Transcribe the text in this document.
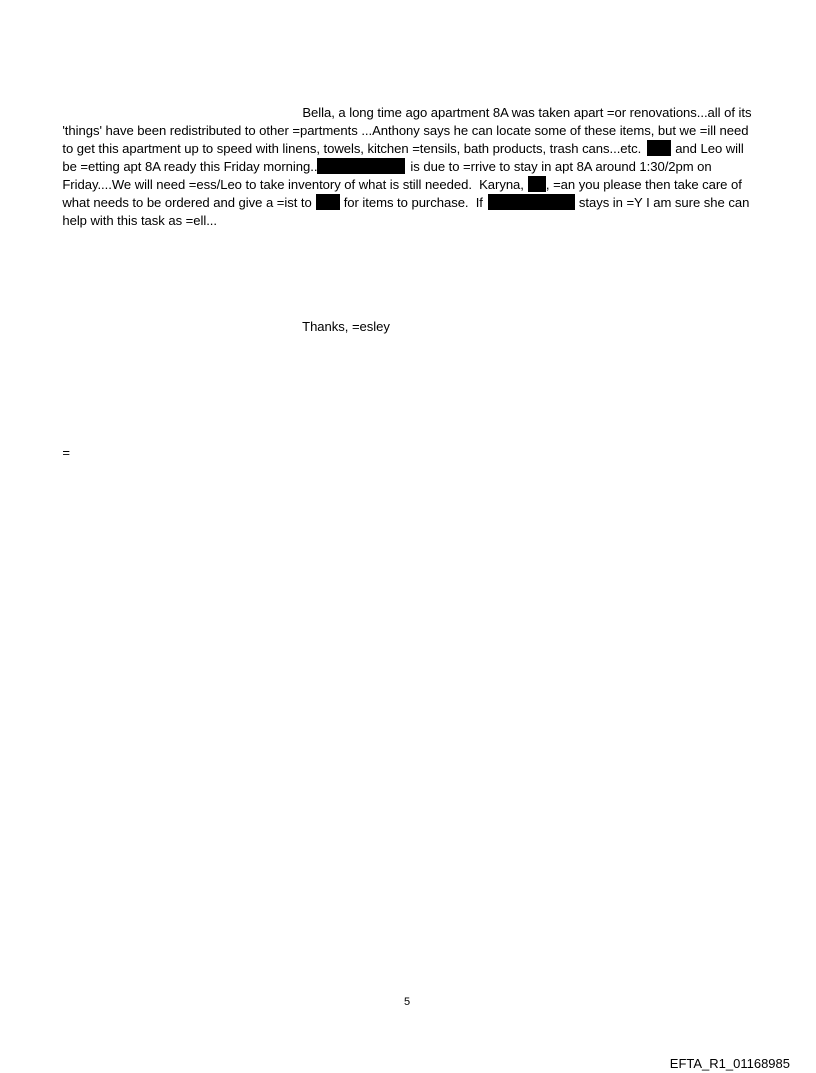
Bella, a long time ago apartment 8A was taken apart =or renovations...all of its

'things' have been redistributed to other =partments ...Anthony says he can locate some of these items, but we =ill need

to get this apartment up to speed with linens, towels, kitchen =tensils, bath products, trash cans...etc.	and Leo will

be =etting apt 8A ready this Friday morning..	is due to =rrive to stay in apt 8A around 1:30/2pm on

Friday....We will need =ess/Leo to take inventory of what is still needed.  Karyna, , =an you please then take care of

what needs to be ordered and give a =ist to for items to purchase.  If	stays in =Y I am sure she can

help with this task as =ell...

Thanks, =esley

=

5
EFTA_R1_01168985
